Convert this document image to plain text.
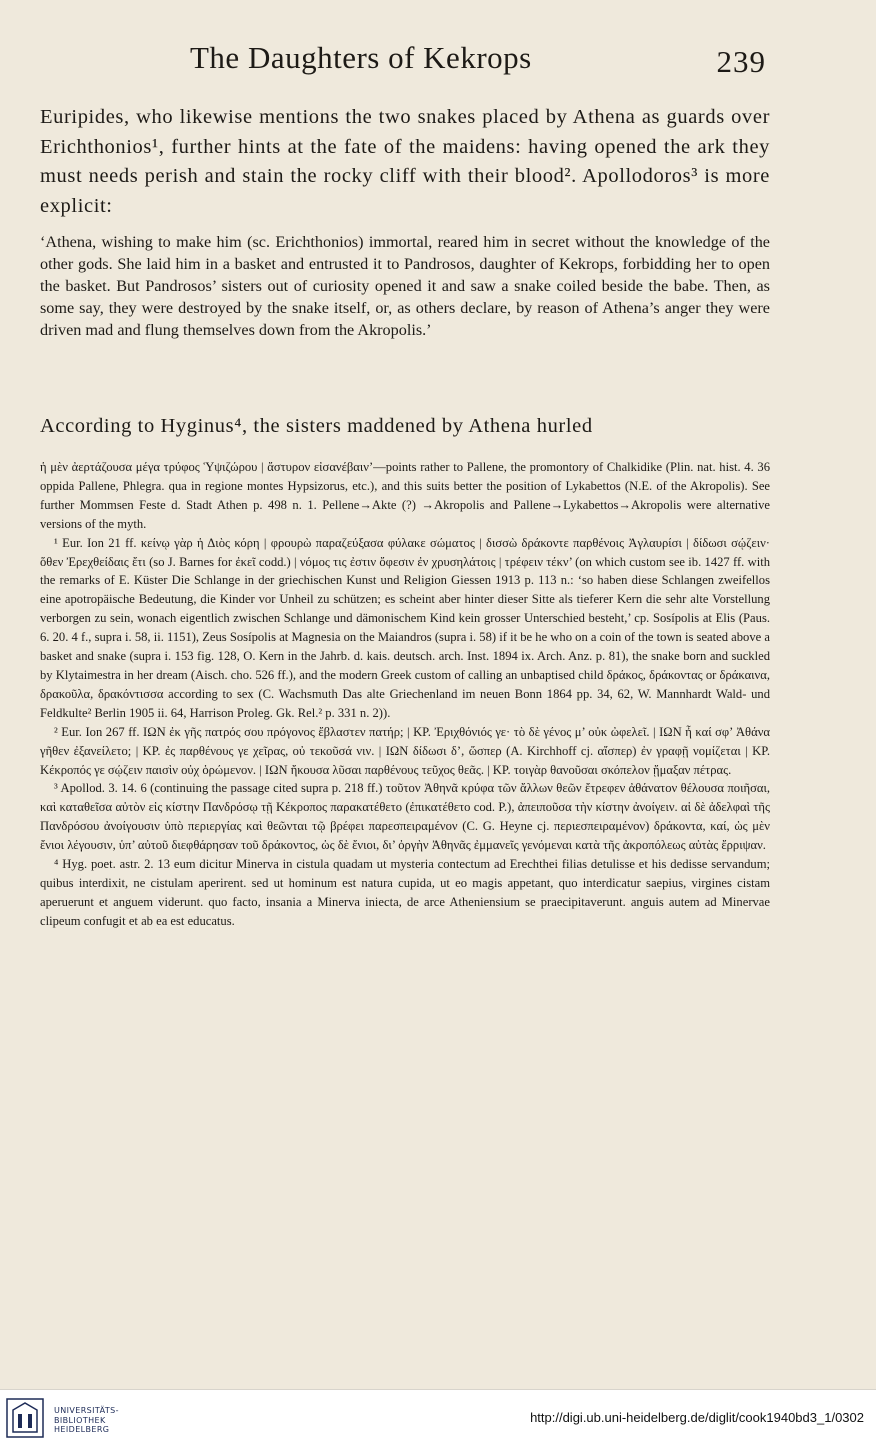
The Daughters of Kekrops	239
Euripides, who likewise mentions the two snakes placed by Athena as guards over Erichthonios¹, further hints at the fate of the maidens: having opened the ark they must needs perish and stain the rocky cliff with their blood². Apollodoros³ is more explicit:
‘Athena, wishing to make him (sc. Erichthonios) immortal, reared him in secret without the knowledge of the other gods. She laid him in a basket and entrusted it to Pandrosos, daughter of Kekrops, forbidding her to open the basket. But Pandrosos’ sisters out of curiosity opened it and saw a snake coiled beside the babe. Then, as some say, they were destroyed by the snake itself, or, as others declare, by reason of Athena’s anger they were driven mad and flung themselves down from the Akropolis.’
According to Hyginus⁴, the sisters maddened by Athena hurled

ἡ μὲν ἀερτάζουσα μέγα τρύφος Ὑψιζώρου | ἄστυρον εἰσανέβαιν’—points rather to Pallene, the promontory of Chalkidike (Plin. nat. hist. 4. 36 oppida Pallene, Phlegra. qua in regione montes Hypsizorus, etc.), and this suits better the position of Lykabettos (N.E. of the Akropolis). See further Mommsen Feste d. Stadt Athen p. 498 n. 1. Pellene→Akte (?) →Akropolis and Pallene→Lykabettos→Akropolis were alternative versions of the myth.

¹ Eur. Ion 21 ff. κείνῳ γὰρ ἡ Διὸς κόρη | φρουρὼ παραζεύξασα φύλακε σώματος | δισσὼ δράκοντε παρθένοις Ἀγλαυρίσι | δίδωσι σῴζειν· ὅθεν Ἐρεχθείδαις ἔτι (so J. Barnes for ἐκεῖ codd.) | νόμος τις ἐστιν ὄφεσιν ἐν χρυσηλάτοις | τρέφειν τέκν’ (on which custom see ib. 1427 ff. with the remarks of E. Küster Die Schlange in der griechischen Kunst und Religion Giessen 1913 p. 113 n.: ‘so haben diese Schlangen zweifellos eine apotropäische Bedeutung, die Kinder vor Unheil zu schützen; es scheint aber hinter dieser Sitte als tieferer Kern die sehr alte Vorstellung verborgen zu sein, wonach eigentlich zwischen Schlange und dämonischem Kind kein grosser Unterschied besteht,’ cp. Sosípolis at Elis (Paus. 6. 20. 4 f., supra i. 58, ii. 1151), Zeus Sosípolis at Magnesia on the Maiandros (supra i. 58) if it be he who on a coin of the town is seated above a basket and snake (supra i. 153 fig. 128, O. Kern in the Jahrb. d. kais. deutsch. arch. Inst. 1894 ix. Arch. Anz. p. 81), the snake born and suckled by Klytaimestra in her dream (Aisch. cho. 526 ff.), and the modern Greek custom of calling an unbaptised child δράκος, δράκοντας or δράκαινα, δρακοῦλα, δρακόντισσα according to sex (C. Wachsmuth Das alte Griechenland im neuen Bonn 1864 pp. 34, 62, W. Mannhardt Wald- und Feldkulte² Berlin 1905 ii. 64, Harrison Proleg. Gk. Rel.² p. 331 n. 2)).

² Eur. Ion 267 ff. ΙΩΝ ἐκ γῆς πατρός σου πρόγονος ἔβλαστεν πατήρ; | ΚΡ. Ἐριχθόνιός γε· τὸ δὲ γένος μ’ οὐκ ὠφελεῖ. | ΙΩΝ ἦ καί σφ’ Ἀθάνα γῆθεν ἐξανείλετο; | ΚΡ. ἐς παρθένους γε χεῖρας, οὐ τεκοῦσά νιν. | ΙΩΝ δίδωσι δ’, ὥσπερ (A. Kirchhoff cj. αἴσπερ) ἐν γραφῇ νομίζεται | ΚΡ. Κέκροπός γε σῴζειν παισὶν οὐχ ὁρώμενον. | ΙΩΝ ἤκουσα λῦσαι παρθένους τεῦχος θεᾶς. | ΚΡ. τοιγὰρ θανοῦσαι σκόπελον ᾕμαξαν πέτρας.

³ Apollod. 3. 14. 6 (continuing the passage cited supra p. 218 ff.) τοῦτον Ἀθηνᾶ κρύφα τῶν ἄλλων θεῶν ἔτρεφεν ἀθάνατον θέλουσα ποιῆσαι, καὶ καταθεῖσα αὐτὸν εἰς κίστην Πανδρόσῳ τῇ Κέκροπος παρακατέθετο (ἐπικατέθετο cod. P.), ἀπειποῦσα τὴν κίστην ἀνοίγειν. αἱ δὲ ἀδελφαὶ τῆς Πανδρόσου ἀνοίγουσιν ὑπὸ περιεργίας καὶ θεῶνται τῷ βρέφει παρεσπειραμένον (C. G. Heyne cj. περιεσπειραμένον) δράκοντα, καί, ὡς μὲν ἔνιοι λέγουσιν, ὑπ’ αὐτοῦ διεφθάρησαν τοῦ δράκοντος, ὡς δὲ ἔνιοι, δι’ ὀργὴν Ἀθηνᾶς ἐμμανεῖς γενόμεναι κατὰ τῆς ἀκροπόλεως αὑτὰς ἔρριψαν.

⁴ Hyg. poet. astr. 2. 13 eum dicitur Minerva in cistula quadam ut mysteria contectum ad Erechthei filias detulisse et his dedisse servandum; quibus interdixit, ne cistulam aperirent. sed ut hominum est natura cupida, ut eo magis appetant, quo interdicatur saepius, virgines cistam aperuerunt et anguem viderunt. quo facto, insania a Minerva iniecta, de arce Atheniensium se praecipitaverunt. anguis autem ad Minervae clipeum confugit et ab ea est educatus.

UNIVERSITÄTS-
BIBLIOTHEK
HEIDELBERG
http://digi.ub.uni-heidelberg.de/diglit/cook1940bd3_1/0302
